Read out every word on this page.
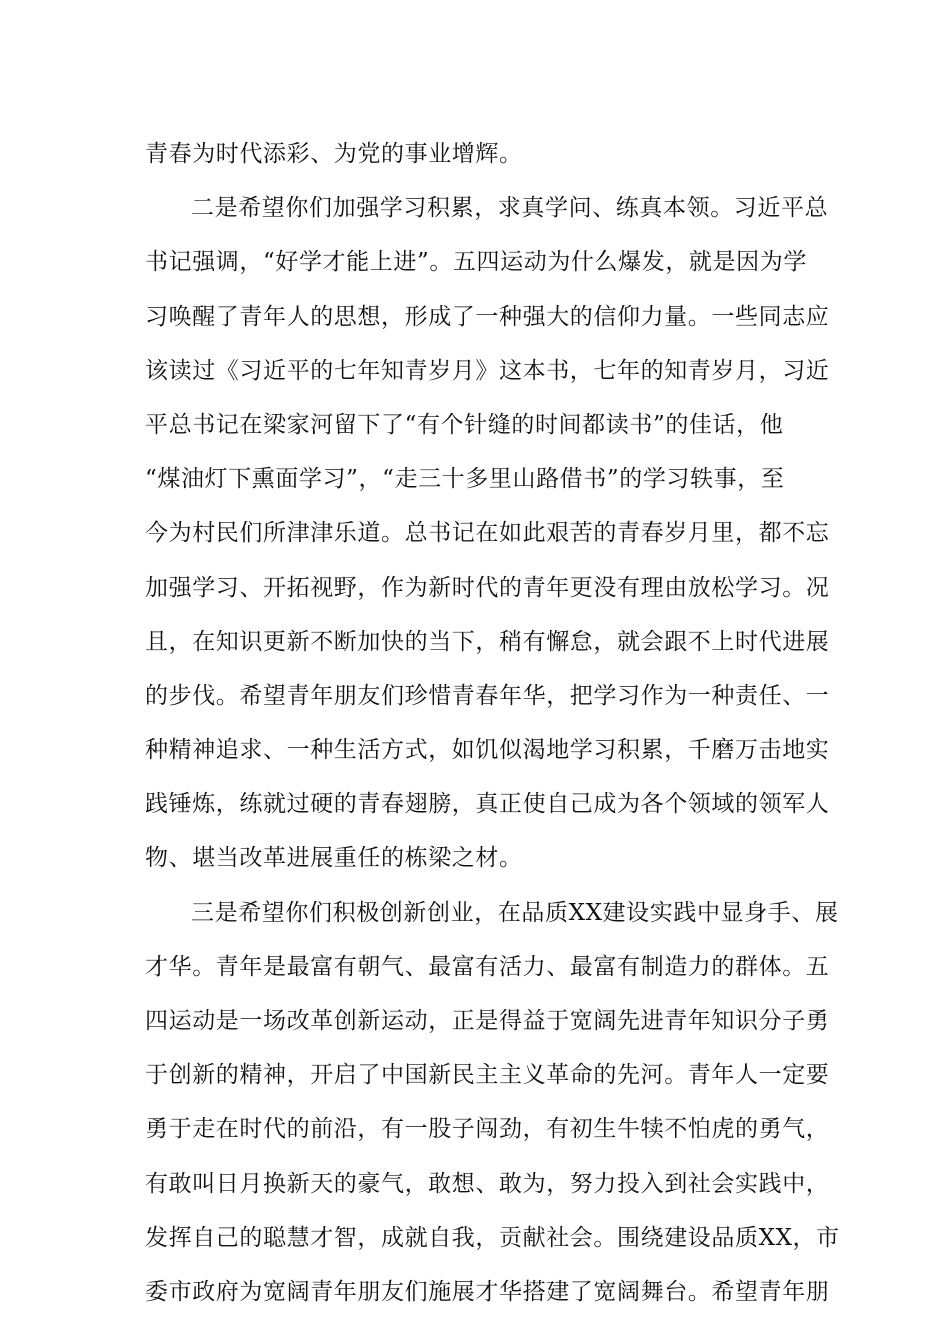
青春为时代添彩、为党的事业增辉。
二是希望你们加强学习积累，求真学问、练真本领。习近平总
书记强调，“好学才能上进”。五四运动为什么爆发，就是因为学
习唤醒了青年人的思想，形成了一种强大的信仰力量。一些同志应
该读过《习近平的七年知青岁月》这本书，七年的知青岁月，习近
平总书记在梁家河留下了“有个针缝的时间都读书”的佳话，他
“煤油灯下熏面学习”，“走三十多里山路借书”的学习轶事，至
今为村民们所津津乐道。总书记在如此艰苦的青春岁月里，都不忘
加强学习、开拓视野，作为新时代的青年更没有理由放松学习。况
且，在知识更新不断加快的当下，稍有懈怠，就会跟不上时代进展
的步伐。希望青年朋友们珍惜青春年华，把学习作为一种责任、一
种精神追求、一种生活方式，如饥似渴地学习积累，千磨万击地实
践锤炼，练就过硬的青春翅膀，真正使自己成为各个领域的领军人
物、堪当改革进展重任的栋梁之材。
三是希望你们积极创新创业，在品质XX建设实践中显身手、展
才华。青年是最富有朝气、最富有活力、最富有制造力的群体。五
四运动是一场改革创新运动，正是得益于宽阔先进青年知识分子勇
于创新的精神，开启了中国新民主主义革命的先河。青年人一定要
勇于走在时代的前沿，有一股子闯劲，有初生牛犊不怕虎的勇气，
有敢叫日月换新天的豪气，敢想、敢为，努力投入到社会实践中，
发挥自己的聪慧才智，成就自我，贡献社会。围绕建设品质XX，市
委市政府为宽阔青年朋友们施展才华搭建了宽阔舞台。希望青年朋
